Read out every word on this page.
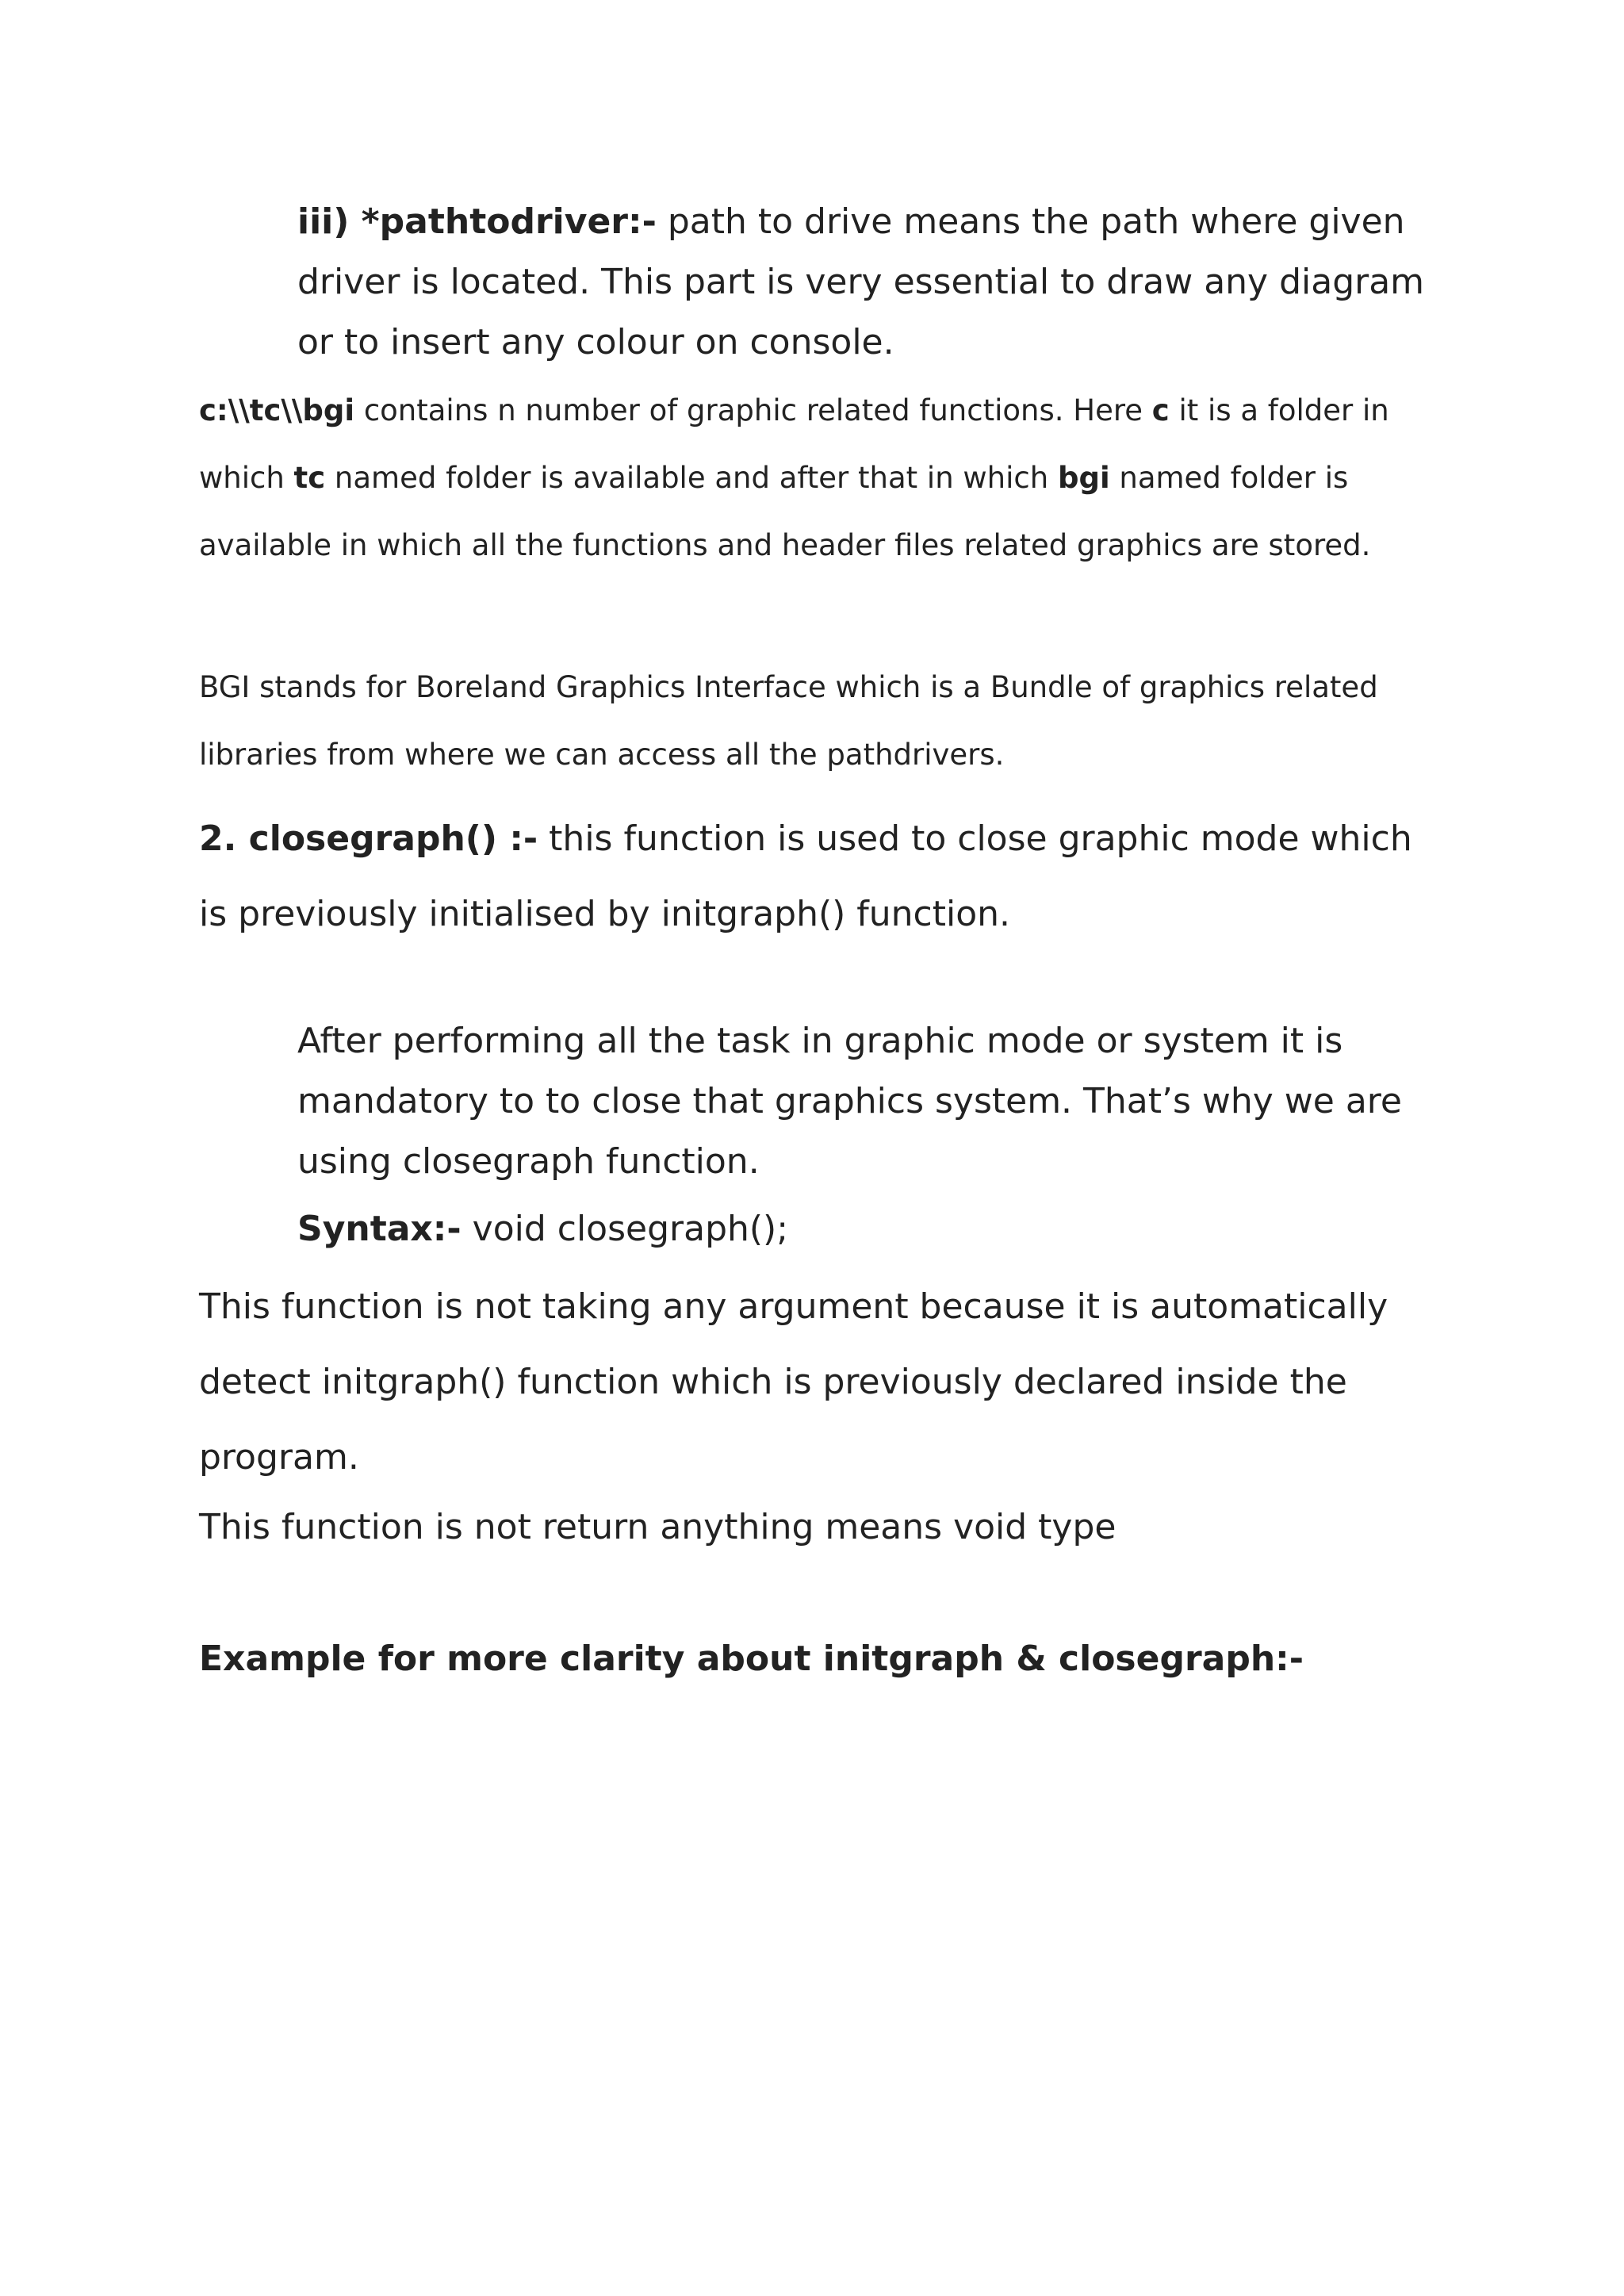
iii) *pathtodriver:- path to drive means the path where given driver is located. This part is very essential to draw any diagram or to insert any colour on console.

c:\\tc\\bgi contains n number of graphic related functions. Here c it is a folder in which tc named folder is available and after that in which bgi named folder is available in which all the functions and header files related graphics are stored.

BGI stands for Boreland Graphics Interface which is a Bundle of graphics related libraries from where we can access all the pathdrivers.

2. closegraph() :- this function is used to close graphic mode which is previously initialised by initgraph() function.

After performing all the task in graphic mode or system it is mandatory to to close that graphics system. That’s why we are using closegraph function.

Syntax:- void closegraph();

This function is not taking any argument because it is automatically detect initgraph() function which is previously declared inside the program.

This function is not return anything means void type

Example for more clarity about initgraph & closegraph:-
